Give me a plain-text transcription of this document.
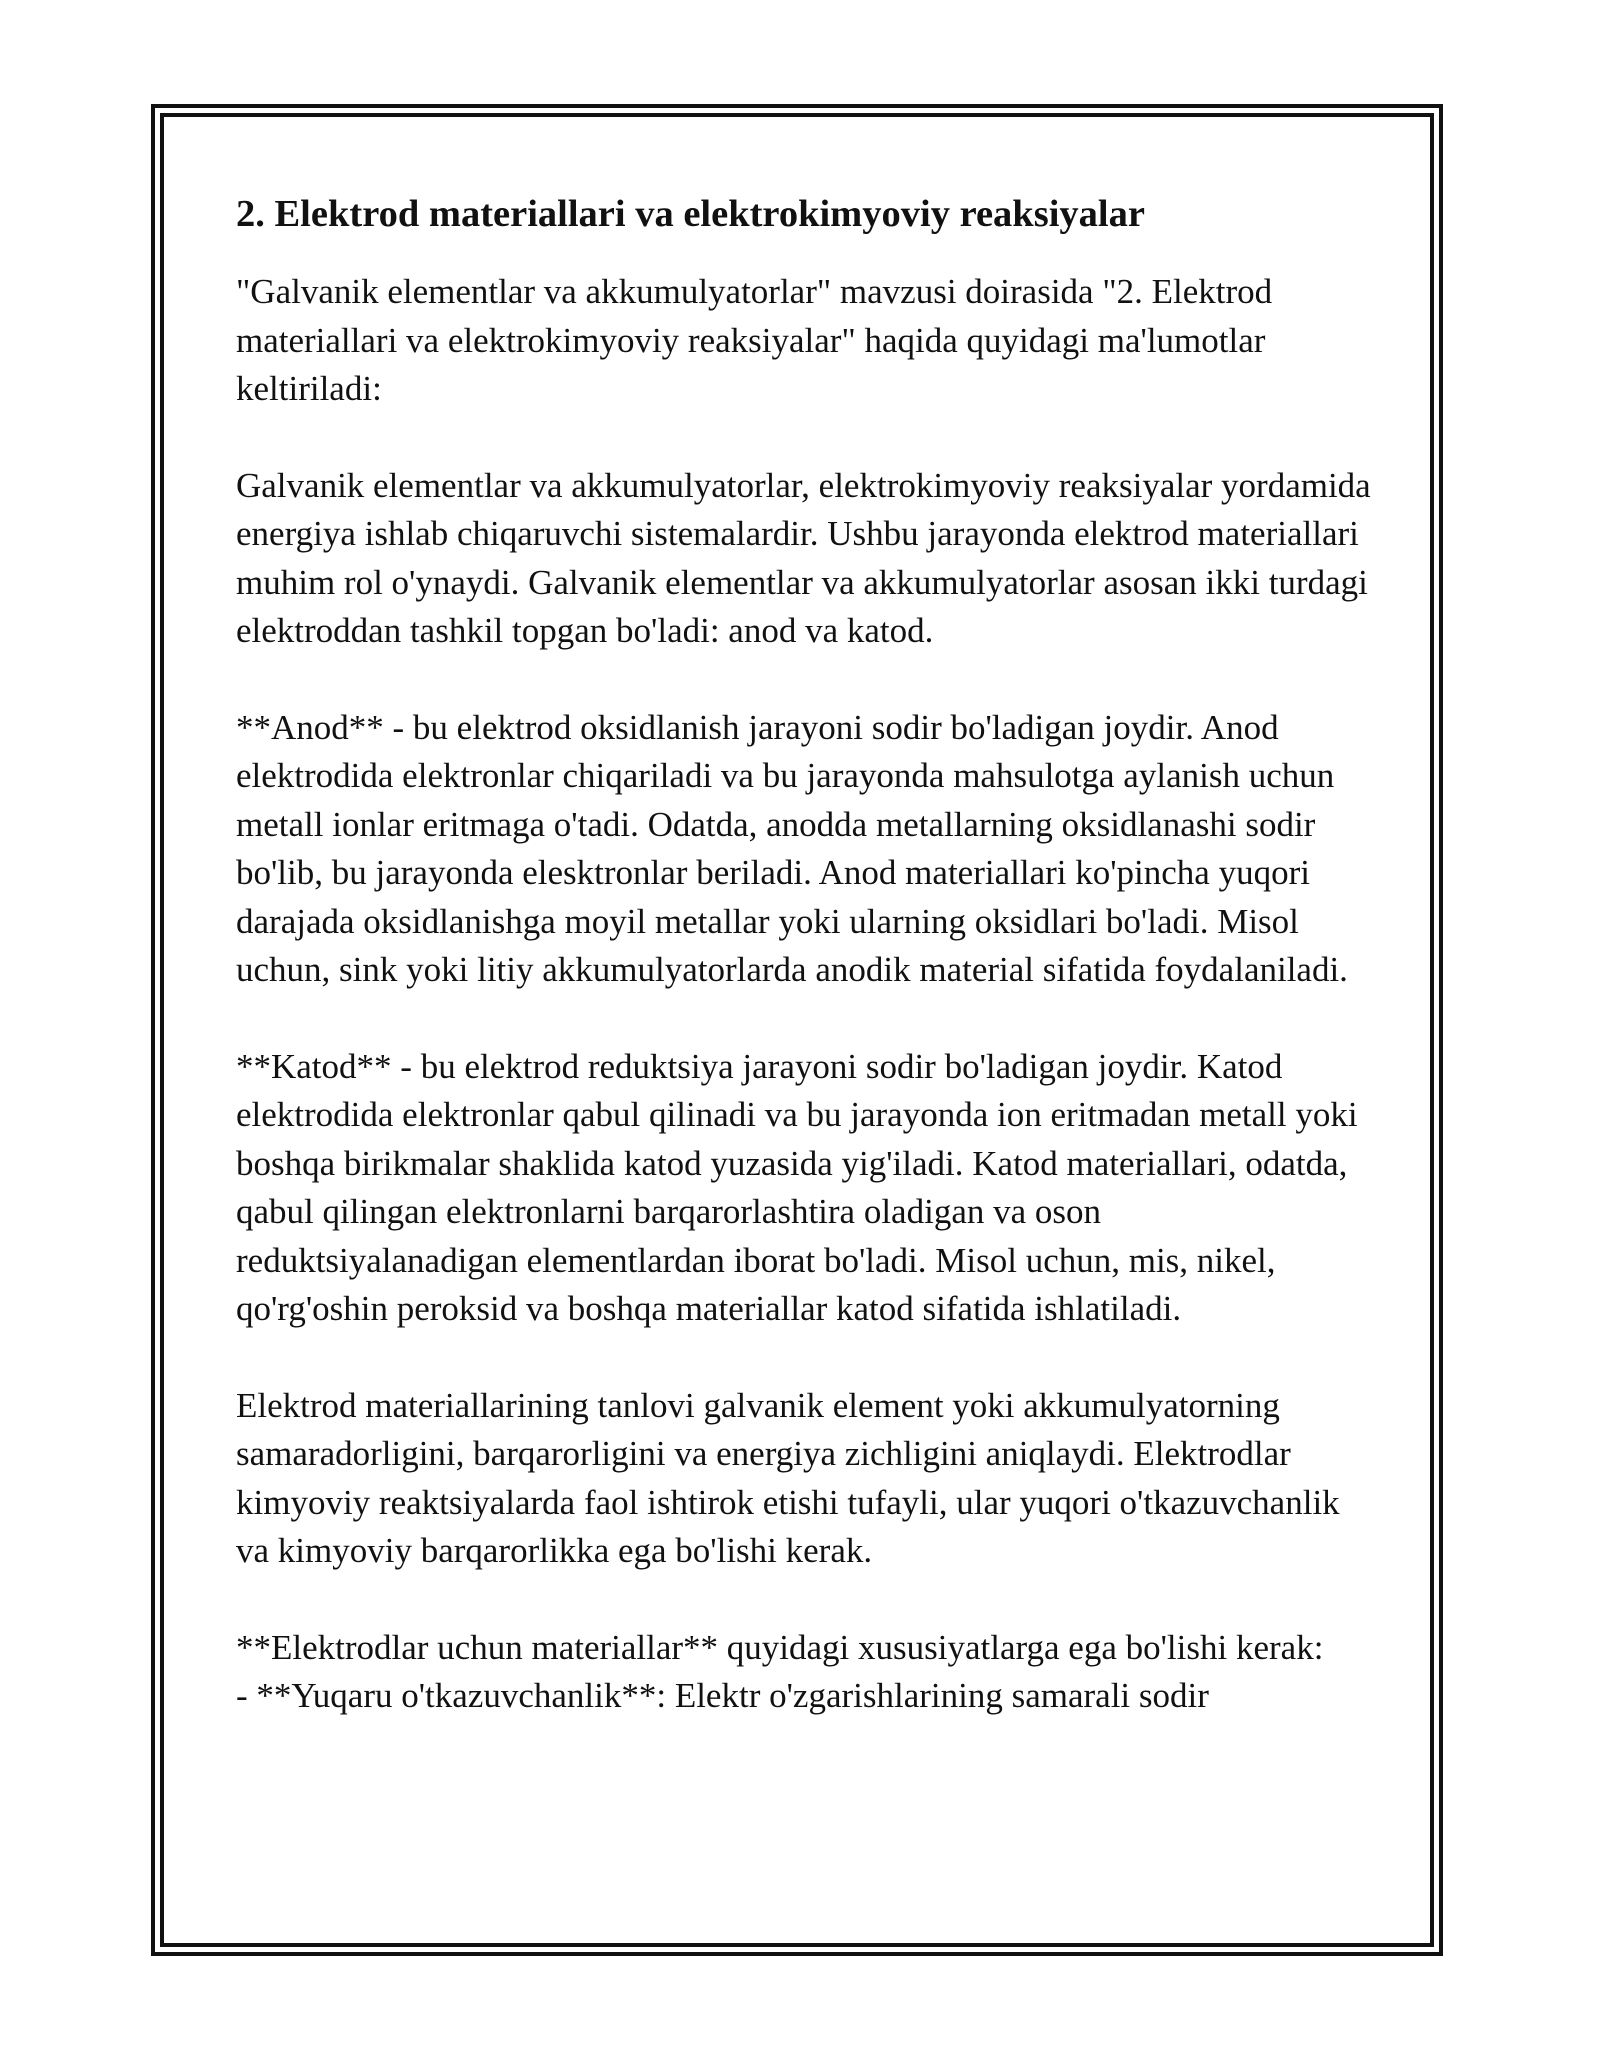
2. Elektrod materiallari va elektrokimyoviy reaksiyalar

"Galvanik elementlar va akkumulyatorlar" mavzusi doirasida "2. Elektrod materiallari va elektrokimyoviy reaksiyalar" haqida quyidagi ma'lumotlar keltiriladi:

Galvanik elementlar va akkumulyatorlar, elektrokimyoviy reaksiyalar yordamida energiya ishlab chiqaruvchi sistemalardir. Ushbu jarayonda elektrod materiallari muhim rol o'ynaydi. Galvanik elementlar va akkumulyatorlar asosan ikki turdagi elektroddan tashkil topgan bo'ladi: anod va katod.

**Anod** - bu elektrod oksidlanish jarayoni sodir bo'ladigan joydir. Anod elektrodida elektronlar chiqariladi va bu jarayonda mahsulotga aylanish uchun metall ionlar eritmaga o'tadi. Odatda, anodda metallarning oksidlanashi sodir bo'lib, bu jarayonda elesktronlar beriladi. Anod materiallari ko'pincha yuqori darajada oksidlanishga moyil metallar yoki ularning oksidlari bo'ladi. Misol uchun, sink yoki litiy akkumulyatorlarda anodik material sifatida foydalaniladi.

**Katod** - bu elektrod reduktsiya jarayoni sodir bo'ladigan joydir. Katod elektrodida elektronlar qabul qilinadi va bu jarayonda ion eritmadan metall yoki boshqa birikmalar shaklida katod yuzasida yig'iladi. Katod materiallari, odatda, qabul qilingan elektronlarni barqarorlashtira oladigan va oson reduktsiyalanadigan elementlardan iborat bo'ladi. Misol uchun, mis, nikel, qo'rg'oshin peroksid va boshqa materiallar katod sifatida ishlatiladi.

Elektrod materiallarining tanlovi galvanik element yoki akkumulyatorning samaradorligini, barqarorligini va energiya zichligini aniqlaydi. Elektrodlar kimyoviy reaktsiyalarda faol ishtirok etishi tufayli, ular yuqori o'tkazuvchanlik va kimyoviy barqarorlikka ega bo'lishi kerak.

**Elektrodlar uchun materiallar** quyidagi xususiyatlarga ega bo'lishi kerak:

- **Yuqaru o'tkazuvchanlik**: Elektr o'zgarishlarining samarali sodir
